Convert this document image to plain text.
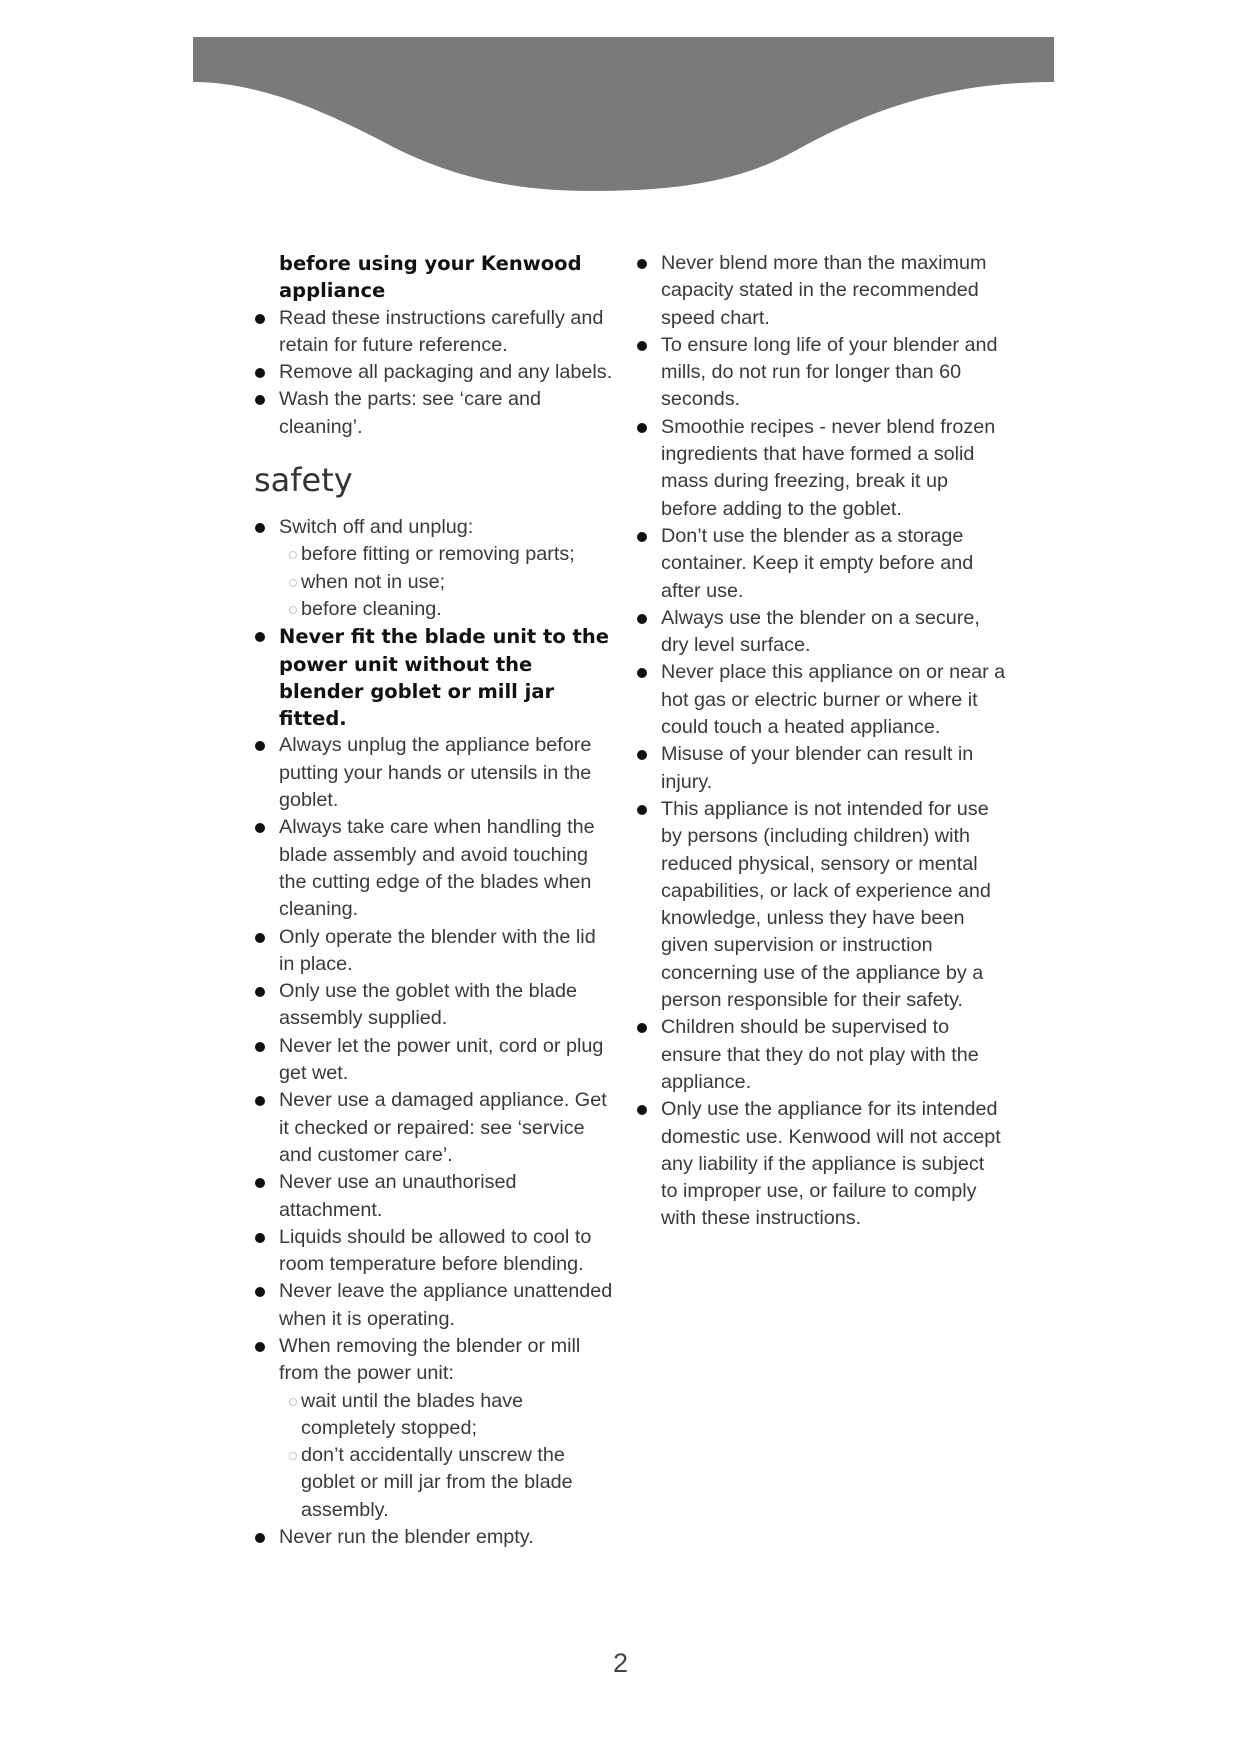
before using your Kenwood appliance

Read these instructions carefully and retain for future reference.
Remove all packaging and any labels.
Wash the parts: see ‘care and cleaning’.
safety
Switch off and unplug:
before fitting or removing parts;
when not in use;
before cleaning.
Never fit the blade unit to the power unit without the blender goblet or mill jar fitted.
Always unplug the appliance before putting your hands or utensils in the goblet.
Always take care when handling the blade assembly and avoid touching the cutting edge of the blades when cleaning.
Only operate the blender with the lid in place.
Only use the goblet with the blade assembly supplied.
Never let the power unit, cord or plug get wet.
Never use a damaged appliance. Get it checked or repaired: see ‘service and customer care’.
Never use an unauthorised attachment.
Liquids should be allowed to cool to room temperature before blending.
Never leave the appliance unattended when it is operating.
When removing the blender or mill from the power unit:
wait until the blades have completely stopped;
don’t accidentally unscrew the goblet or mill jar from the blade assembly.
Never run the blender empty.
Never blend more than the maximum capacity stated in the recommended speed chart.
To ensure long life of your blender and mills, do not run for longer than 60 seconds.
Smoothie recipes - never blend frozen ingredients that have formed a solid mass during freezing, break it up before adding to the goblet.
Don’t use the blender as a storage container. Keep it empty before and after use.
Always use the blender on a secure, dry level surface.
Never place this appliance on or near a hot gas or electric burner or where it could touch a heated appliance.
Misuse of your blender can result in injury.
This appliance is not intended for use by persons (including children) with reduced physical, sensory or mental capabilities, or lack of experience and knowledge, unless they have been given supervision or instruction concerning use of the appliance by a person responsible for their safety.
Children should be supervised to ensure that they do not play with the appliance.
Only use the appliance for its intended domestic use. Kenwood will not accept any liability if the appliance is subject to improper use, or failure to comply with these instructions.
2
